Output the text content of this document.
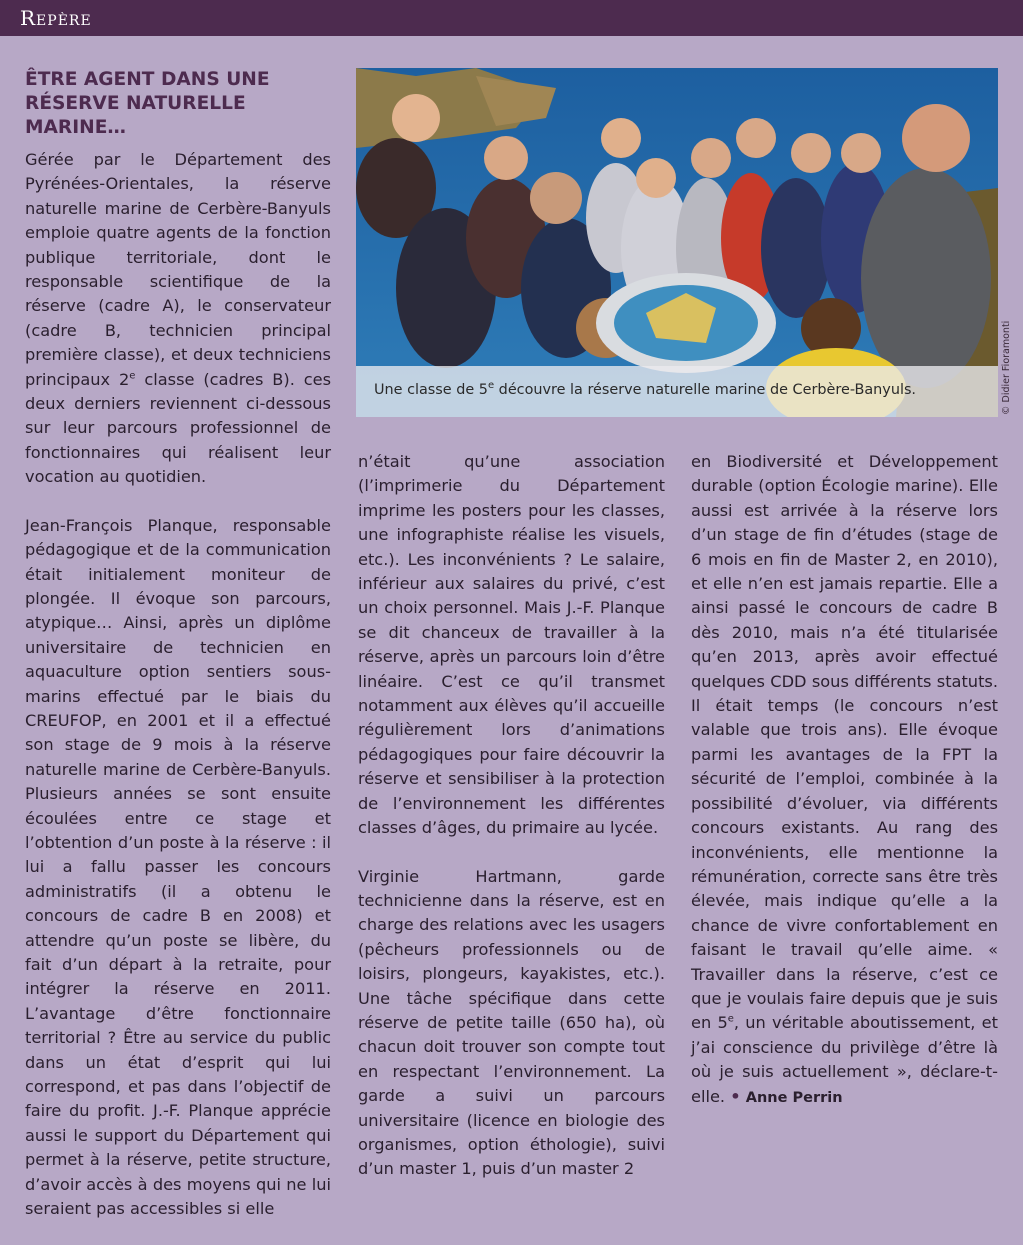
Repère
ÊTRE AGENT DANS UNE RÉSERVE NATURELLE MARINE…

Gérée par le Département des Pyrénées-Orientales, la réserve naturelle marine de Cerbère-Banyuls emploie quatre agents de la fonction publique territoriale, dont le responsable scientifique de la réserve (cadre A), le conservateur (cadre B, technicien principal première classe), et deux techniciens principaux 2e classe (cadres B). ces deux derniers reviennent ci-dessous sur leur parcours professionnel de fonctionnaires qui réalisent leur vocation au quotidien.

Jean-François Planque, responsable pédagogique et de la communication était initialement moniteur de plongée. Il évoque son parcours, atypique… Ainsi, après un diplôme universitaire de technicien en aquaculture option sentiers sous-marins effectué par le biais du CREUFOP, en 2001 et il a effectué son stage de 9 mois à la réserve naturelle marine de Cerbère-Banyuls. Plusieurs années se sont ensuite écoulées entre ce stage et l’obtention d’un poste à la réserve : il lui a fallu passer les concours administratifs (il a obtenu le concours de cadre B en 2008) et attendre qu’un poste se libère, du fait d’un départ à la retraite, pour intégrer la réserve en 2011. L’avantage d’être fonctionnaire territorial ? Être au service du public dans un état d’esprit qui lui correspond, et pas dans l’objectif de faire du profit. J.-F. Planque apprécie aussi le support du Département qui permet à la réserve, petite structure, d’avoir accès à des moyens qui ne lui seraient pas accessibles si elle

Une classe de 5e découvre la réserve naturelle marine de Cerbère-Banyuls.	© Didier Fioramonti

n’était qu’une association (l’imprimerie du Département imprime les posters pour les classes, une infographiste réalise les visuels, etc.). Les inconvénients ? Le salaire, inférieur aux salaires du privé, c’est un choix personnel. Mais J.-F. Planque se dit chanceux de travailler à la réserve, après un parcours loin d’être linéaire. C’est ce qu’il transmet notamment aux élèves qu’il accueille régulièrement lors d’animations pédagogiques pour faire découvrir la réserve et sensibiliser à la protection de l’environnement les différentes classes d’âges, du primaire au lycée.

Virginie Hartmann, garde technicienne dans la réserve, est en charge des relations avec les usagers (pêcheurs professionnels ou de loisirs, plongeurs, kayakistes, etc.). Une tâche spécifique dans cette réserve de petite taille (650 ha), où chacun doit trouver son compte tout en respectant l’environnement. La garde a suivi un parcours universitaire (licence en biologie des organismes, option éthologie), suivi d’un master 1, puis d’un master 2

en Biodiversité et Développement durable (option Écologie marine). Elle aussi est arrivée à la réserve lors d’un stage de fin d’études (stage de 6 mois en fin de Master 2, en 2010), et elle n’en est jamais repartie. Elle a ainsi passé le concours de cadre B dès 2010, mais n’a été titularisée qu’en 2013, après avoir effectué quelques CDD sous différents statuts. Il était temps (le concours n’est valable que trois ans). Elle évoque parmi les avantages de la FPT la sécurité de l’emploi, combinée à la possibilité d’évoluer, via différents concours existants. Au rang des inconvénients, elle mentionne la rémunération, correcte sans être très élevée, mais indique qu’elle a la chance de vivre confortablement en faisant le travail qu’elle aime. « Travailler dans la réserve, c’est ce que je voulais faire depuis que je suis en 5e, un véritable aboutissement, et j’ai conscience du privilège d’être là où je suis actuellement », déclare-t-elle. • Anne Perrin
